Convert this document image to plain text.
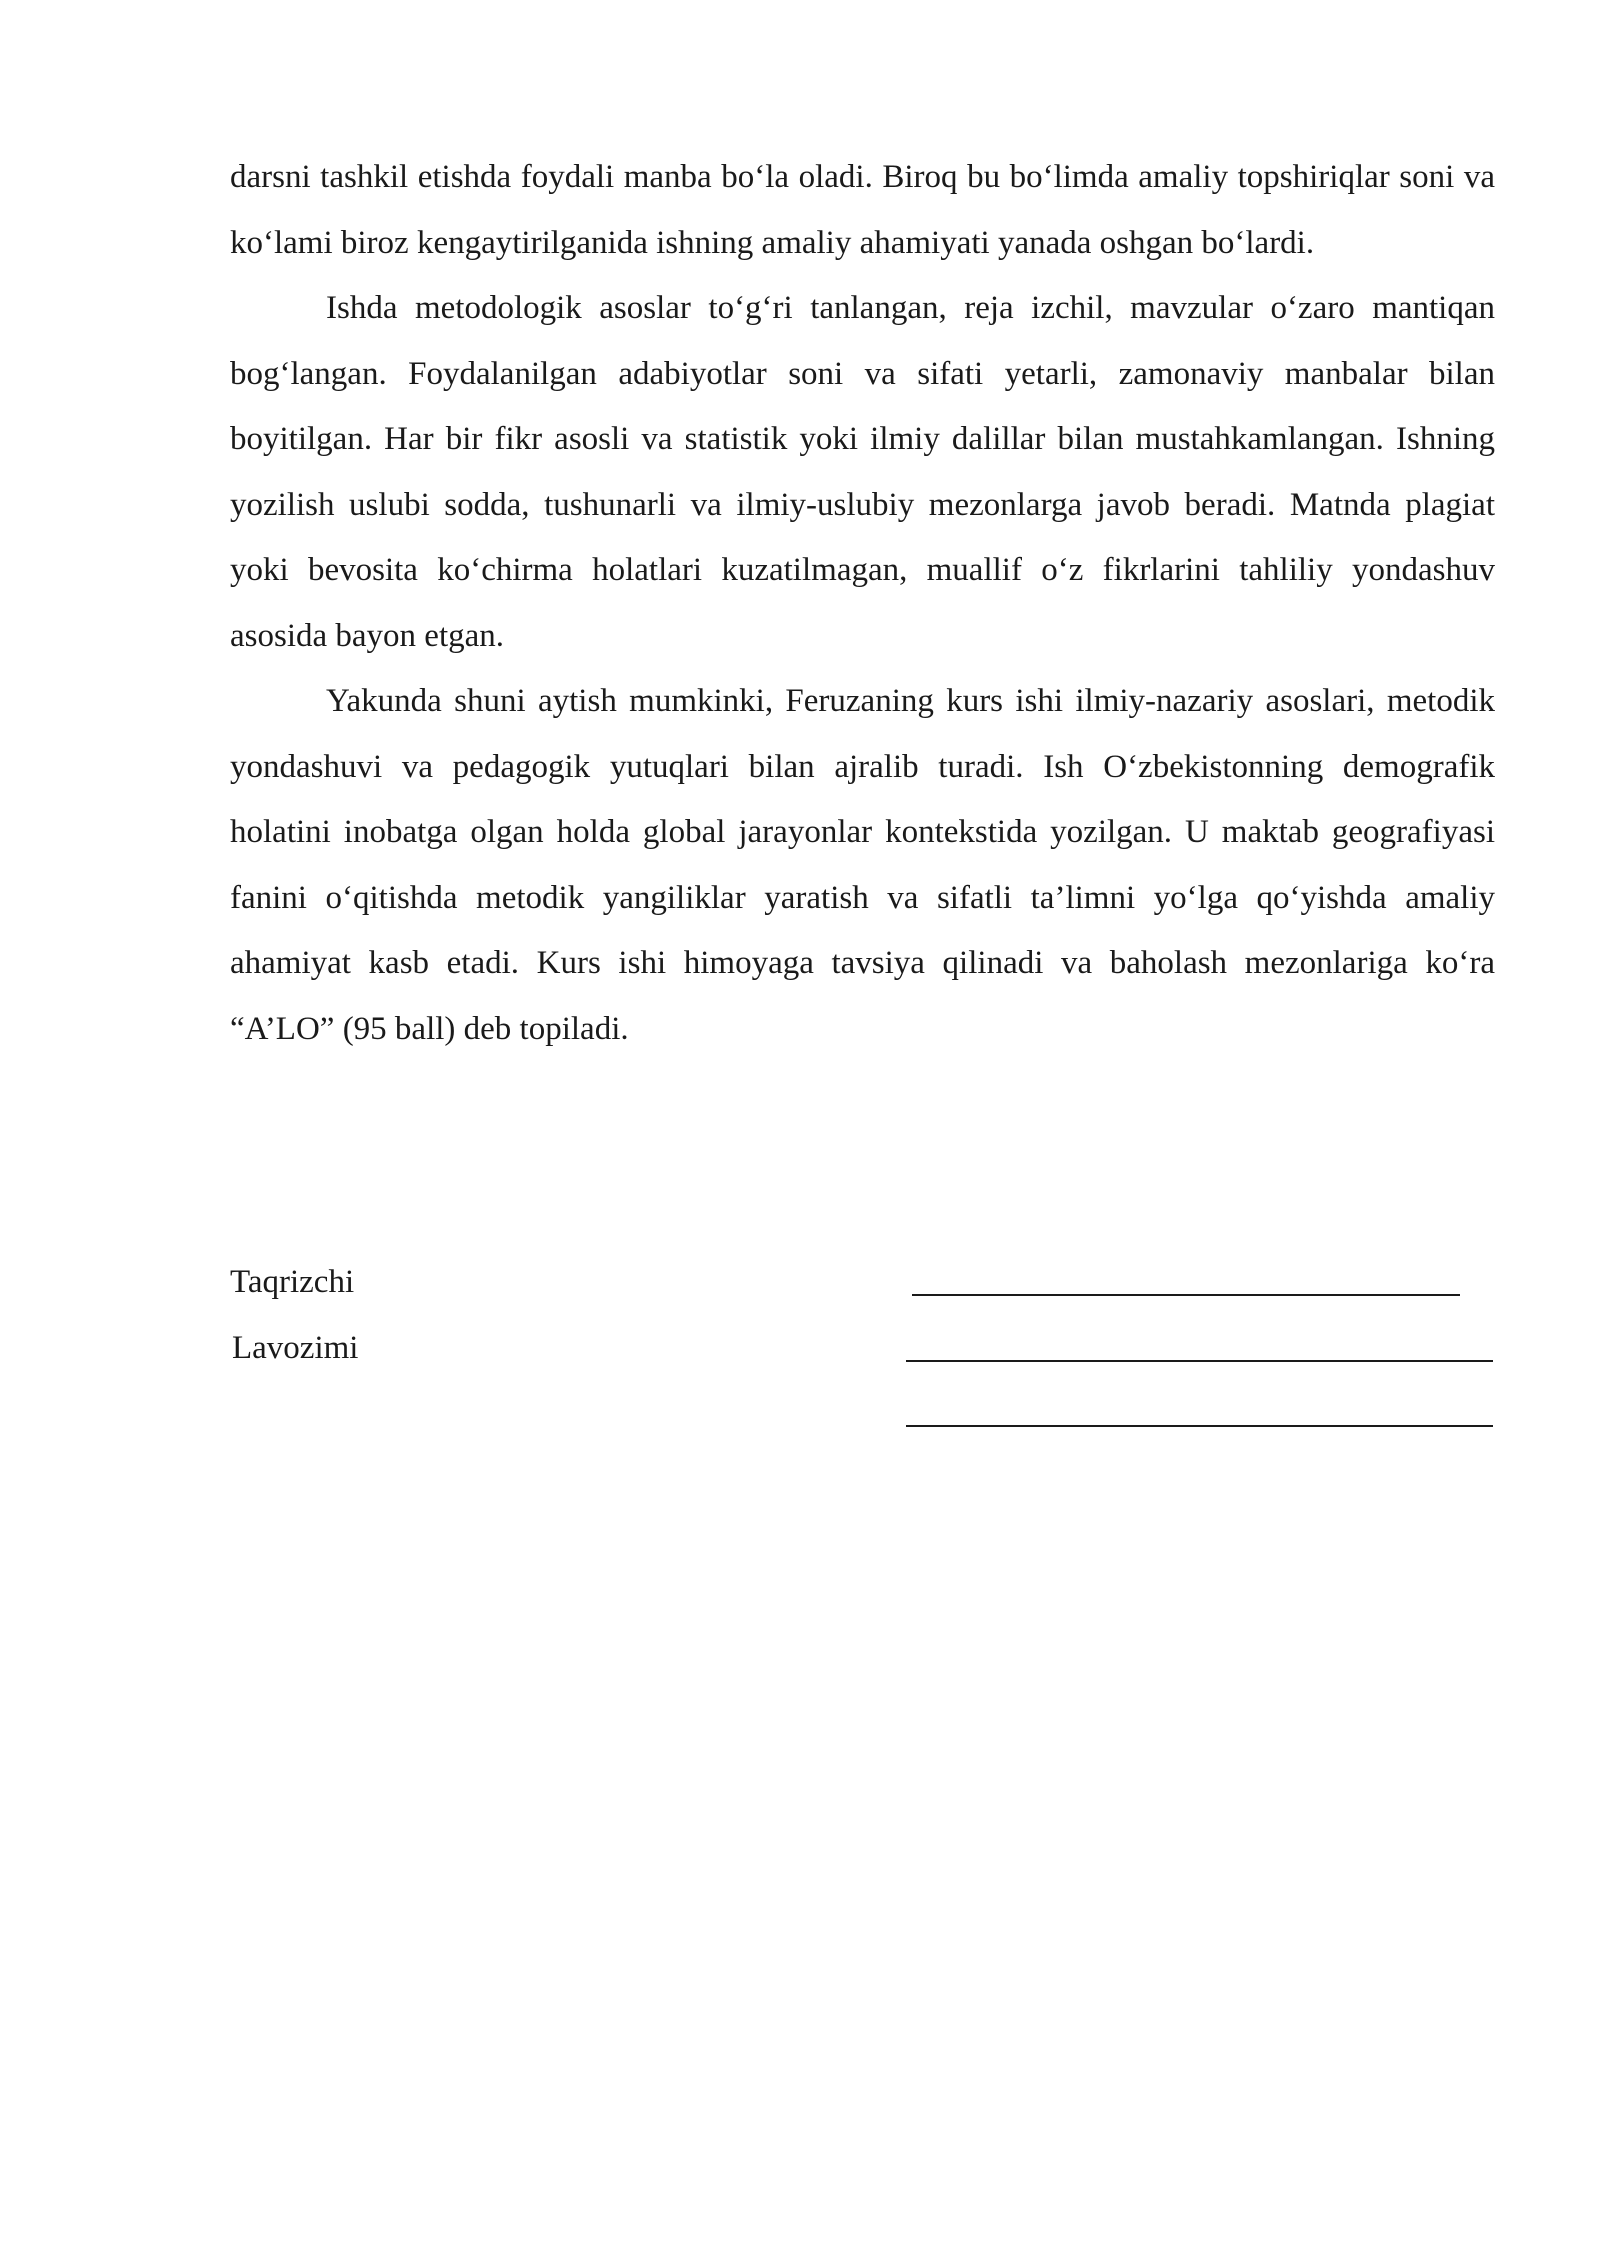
darsni tashkil etishda foydali manba bo‘la oladi. Biroq bu bo‘limda amaliy topshiriqlar soni va ko‘lami biroz kengaytirilganida ishning amaliy ahamiyati yanada oshgan bo‘lardi.

Ishda metodologik asoslar to‘g‘ri tanlangan, reja izchil, mavzular o‘zaro mantiqan bog‘langan. Foydalanilgan adabiyotlar soni va sifati yetarli, zamonaviy manbalar bilan boyitilgan. Har bir fikr asosli va statistik yoki ilmiy dalillar bilan mustahkamlangan. Ishning yozilish uslubi sodda, tushunarli va ilmiy-uslubiy mezonlarga javob beradi. Matnda plagiat yoki bevosita ko‘chirma holatlari kuzatilmagan, muallif o‘z fikrlarini tahliliy yondashuv asosida bayon etgan.

Yakunda shuni aytish mumkinki, Feruzaning kurs ishi ilmiy-nazariy asoslari, metodik yondashuvi va pedagogik yutuqlari bilan ajralib turadi. Ish O‘zbekistonning demografik holatini inobatga olgan holda global jarayonlar kontekstida yozilgan. U maktab geografiyasi fanini o‘qitishda metodik yangiliklar yaratish va sifatli ta’limni yo‘lga qo‘yishda amaliy ahamiyat kasb etadi. Kurs ishi himoyaga tavsiya qilinadi va baholash mezonlariga ko‘ra “A’LO” (95 ball) deb topiladi.

Taqrizchi
Lavozimi
